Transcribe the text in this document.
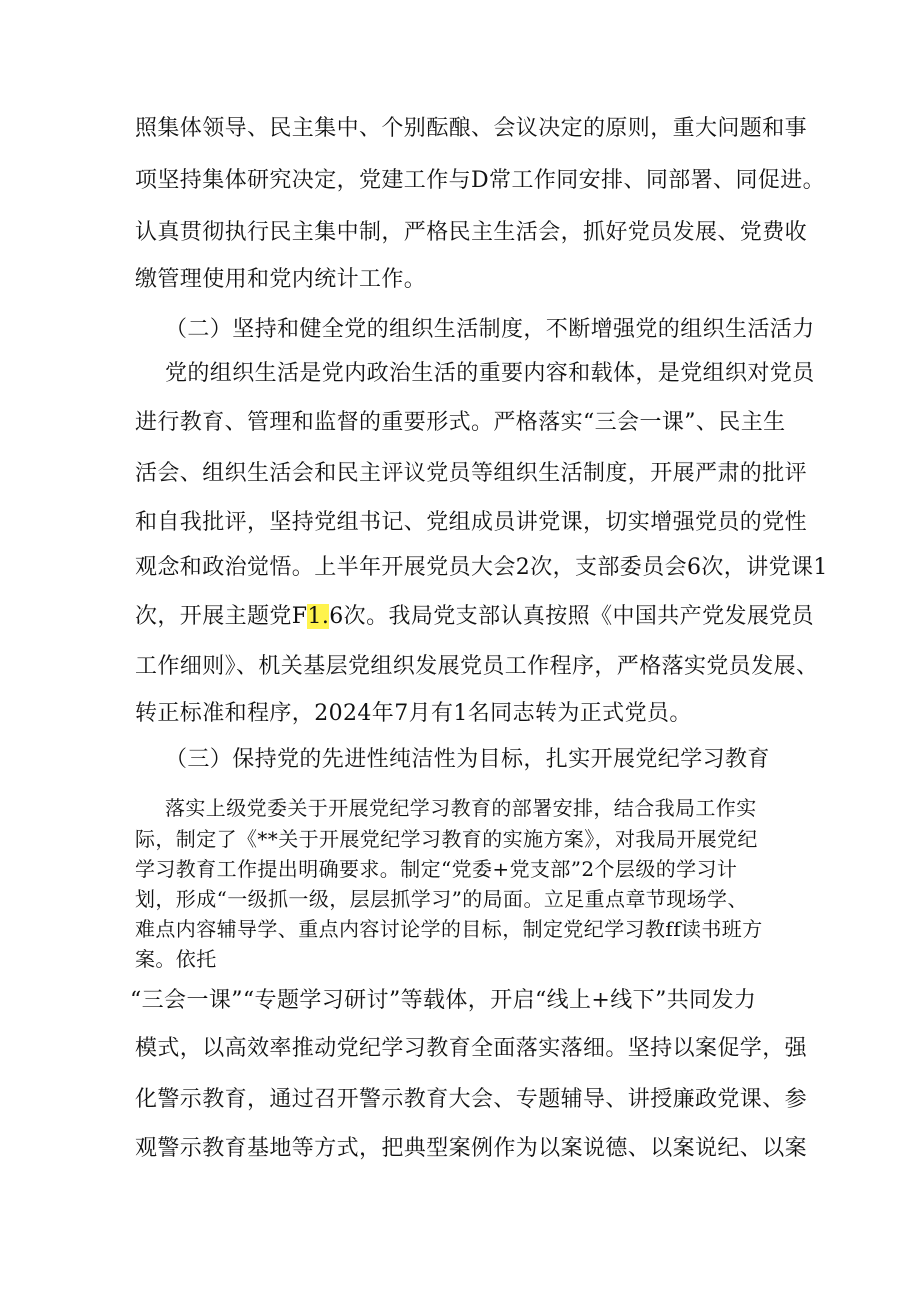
照集体领导、民主集中、个别酝酿、会议决定的原则，重大问题和事
项坚持集体研究决定，党建工作与D常工作同安排、同部署、同促进。
认真贯彻执行民主集中制，严格民主生活会，抓好党员发展、党费收
缴管理使用和党内统计工作。
（二）坚持和健全党的组织生活制度，不断增强党的组织生活活力
党的组织生活是党内政治生活的重要内容和载体，是党组织对党员
进行教育、管理和监督的重要形式。严格落实“三会一课”、民主生
活会、组织生活会和民主评议党员等组织生活制度，开展严肃的批评
和自我批评，坚持党组书记、党组成员讲党课，切实增强党员的党性
观念和政治觉悟。上半年开展党员大会2次，支部委员会6次，讲党课1
次，开展主题党F1.6次。我局党支部认真按照《中国共产党发展党员
工作细则》、机关基层党组织发展党员工作程序，严格落实党员发展、
转正标准和程序，2024年7月有1名同志转为正式党员。
（三）保持党的先进性纯洁性为目标，扎实开展党纪学习教育
落实上级党委关于开展党纪学习教育的部署安排，结合我局工作实
际，制定了《**关于开展党纪学习教育的实施方案》，对我局开展党纪
学习教育工作提出明确要求。制定“党委+党支部”2个层级的学习计
划，形成“一级抓一级，层层抓学习”的局面。立足重点章节现场学、
难点内容辅导学、重点内容讨论学的目标，制定党纪学习教ff读书班方
案。依托
“三会一课”“专题学习研讨”等载体，开启“线上+线下”共同发力
模式，以高效率推动党纪学习教育全面落实落细。坚持以案促学，强
化警示教育，通过召开警示教育大会、专题辅导、讲授廉政党课、参
观警示教育基地等方式，把典型案例作为以案说德、以案说纪、以案
